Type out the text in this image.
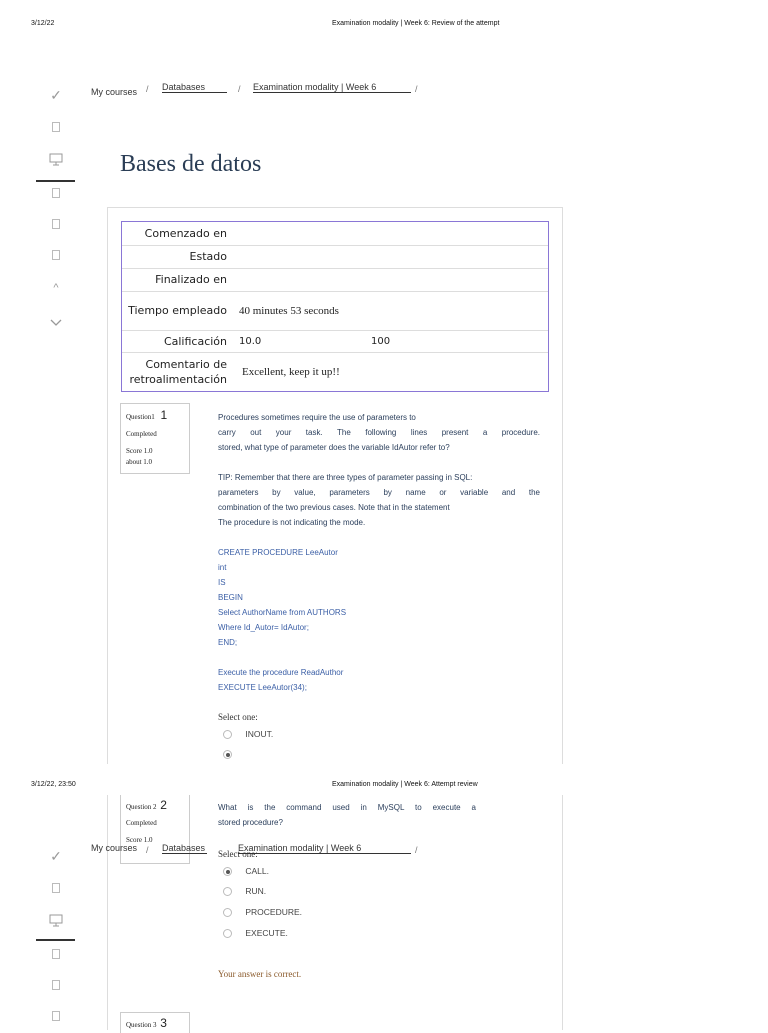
3/12/22	Examination modality | Week 6: Review of the attempt
✓
^
My courses / Databases	/ Examination modality | Week 6	/
Bases de datos
Comenzado en		
Estado		
Finalizado en		
Tiempo empleado	40 minutes 53 seconds	
Calificación	10.0	100
Comentario de retroalimentación	Excellent, keep it up!!	
Question1 1
Completed
Score 1.0
about 1.0
Procedures sometimes require the use of parameters to
carry out your task. The following lines present a procedure.
stored, what type of parameter does the variable IdAutor refer to?
TIP: Remember that there are three types of parameter passing in SQL:
parameters by value, parameters by name or variable and the
combination of the two previous cases. Note that in the statement
The procedure is not indicating the mode.
CREATE PROCEDURE LeeAutor
int
IS
BEGIN
Select AuthorName from AUTHORS
Where Id_Autor= IdAutor;
END;
Execute the procedure ReadAuthor
EXECUTE LeeAutor(34);
Select one:
INOUT.
3/12/22, 23:50	Examination modality | Week 6: Attempt review
Question 2 2
Completed
Score 1.0
What is the command used in MySQL to execute a
stored procedure?
✓	My courses / Databases
Select one:
Examination modality | Week 6	/
CALL.
RUN.
PROCEDURE.
EXECUTE.
Your answer is correct.
Question 3 3
